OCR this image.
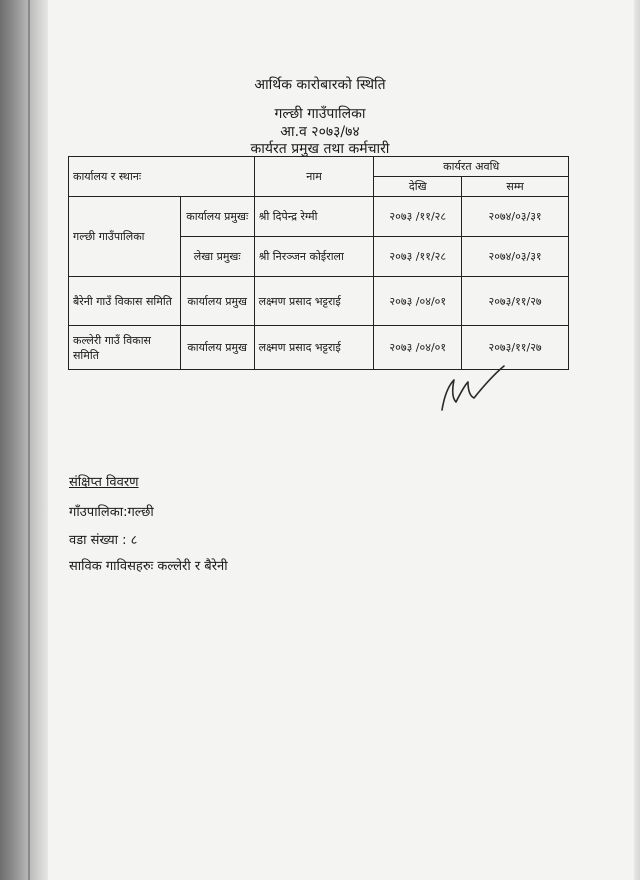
आर्थिक कारोबारको स्थिति
गल्छी गाउँपालिका
आ.व २०७३/७४
कार्यरत प्रमुख तथा कर्मचारी
कार्यालय र स्थानः		नाम	कार्यरत अवधि	
			देखि	सम्म
गल्छी गाउँपालिका	कार्यालय प्रमुखः	श्री दिपेन्द्र रेग्मी	२०७३ /११/२८	२०७४/०३/३१
	लेखा प्रमुखः	श्री निरञ्जन कोईराला	२०७३ /११/२८	२०७४/०३/३१
बैरेनी गाउँ विकास समिति	कार्यालय प्रमुख	लक्ष्मण प्रसाद भट्टराई	२०७३ /०४/०१	२०७३/११/२७
कल्लेरी गाउँ विकास समिति	कार्यालय प्रमुख	लक्ष्मण प्रसाद भट्टराई	२०७३ /०४/०१	२०७३/११/२७
संक्षिप्त विवरण
गाँउपालिका:गल्छी
वडा संख्या : ८
साविक गाविसहरुः कल्लेरी र बैरेनी
